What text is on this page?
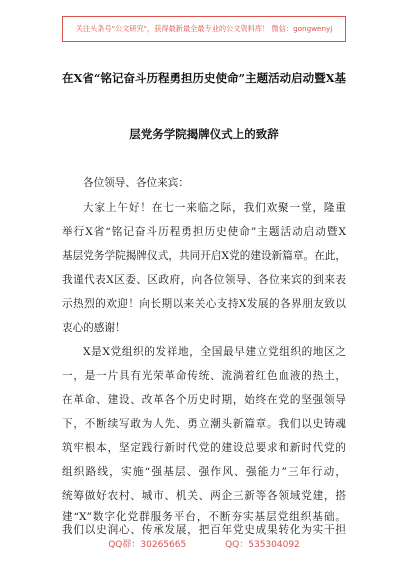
关注头条号"公文研究"，获得最新最全最专业的公文资料库！ 微信：gongwenyj
在X省“铭记奋斗历程勇担历史使命”主题活动启动暨X基
层党务学院揭牌仪式上的致辞
各位领导、各位来宾：
大家上午好！在七一来临之际，我们欢聚一堂，隆重
举行X省“铭记奋斗历程勇担历史使命”主题活动启动暨X
基层党务学院揭牌仪式，共同开启X党的建设新篇章。在此，
我谨代表X区委、区政府，向各位领导、各位来宾的到来表
示热烈的欢迎！向长期以来关心支持X发展的各界朋友致以
衷心的感谢！
X是X党组织的发祥地，全国最早建立党组织的地区之
一，是一片具有光荣革命传统、流淌着红色血液的热土，
在革命、建设、改革各个历史时期，始终在党的坚强领导
下，不断续写敢为人先、勇立潮头新篇章。我们以史铸魂
筑牢根本，坚定践行新时代党的建设总要求和新时代党的
组织路线，实施“强基层、强作风、强能力”三年行动，
统筹做好农村、城市、机关、两企三新等各领域党建，搭
建“X”数字化党群服务平台，不断夯实基层党组织基础。
我们以史润心、传承发展，把百年党史成果转化为实干担
QQ群：30265665	QQ：535304092
